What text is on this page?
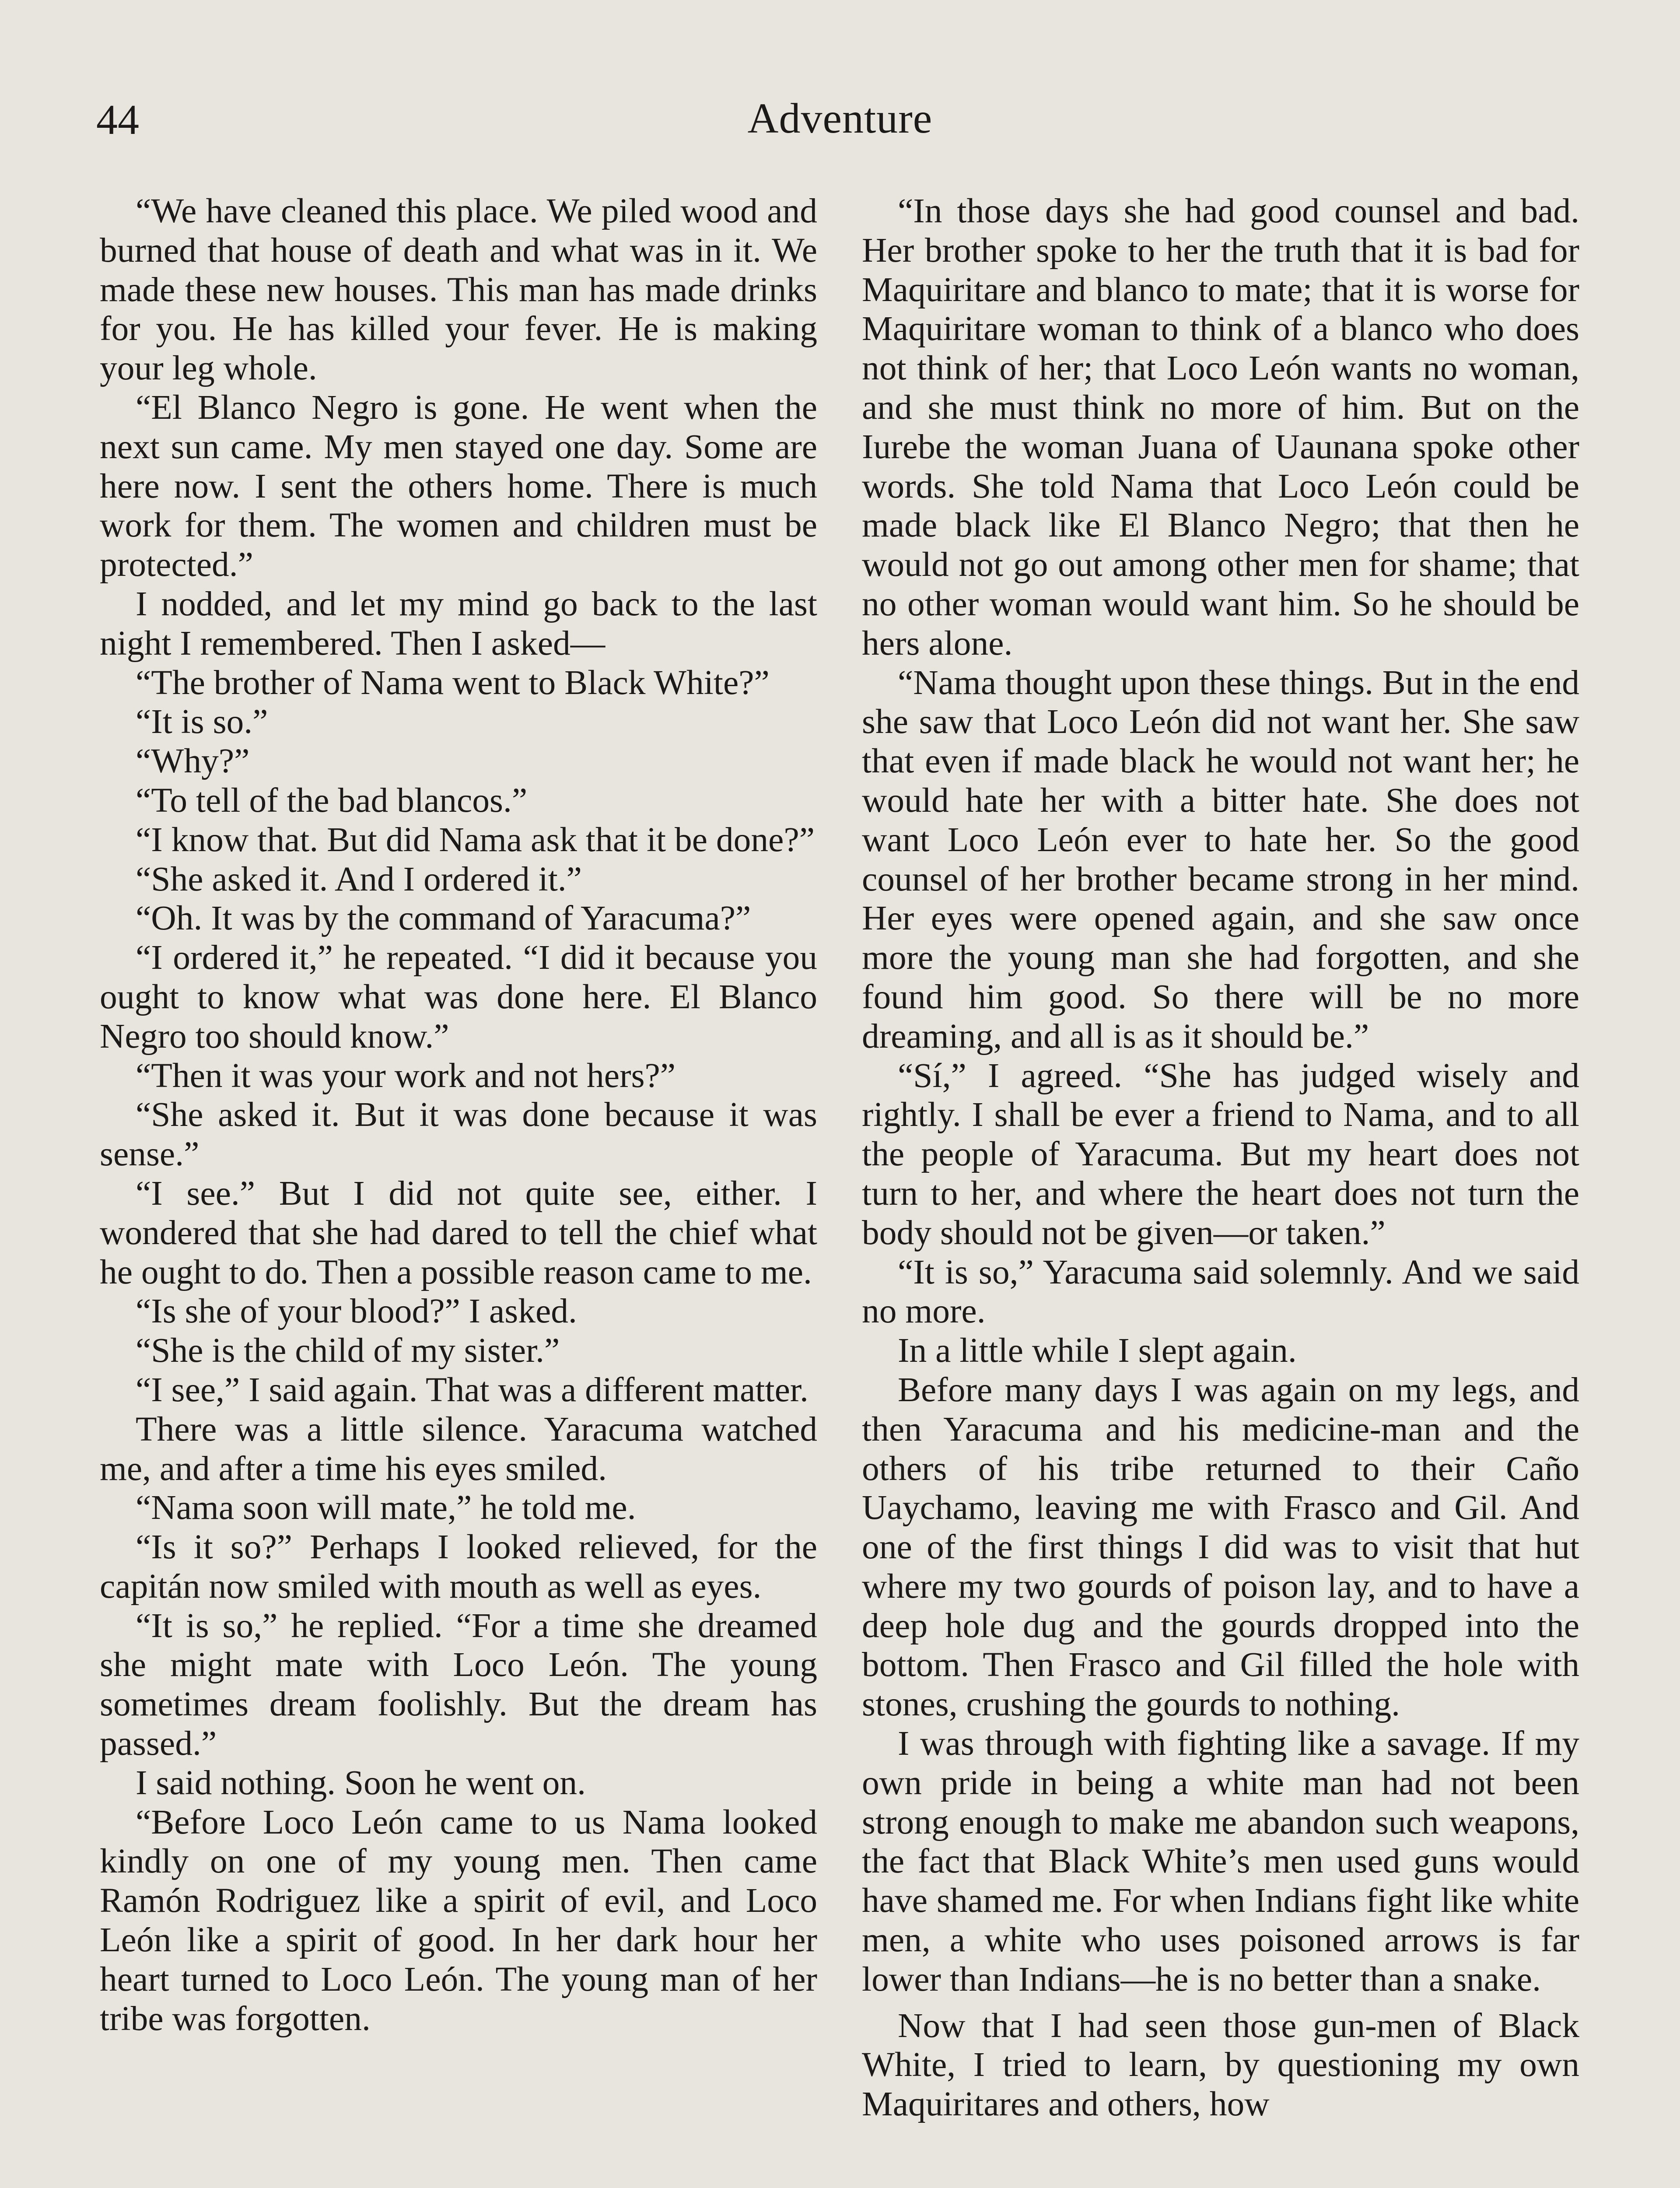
44	Adventure

“We have cleaned this place. We piled wood and burned that house of death and what was in it. We made these new houses. This man has made drinks for you. He has killed your fever. He is making your leg whole.

“El Blanco Negro is gone. He went when the next sun came. My men stayed one day. Some are here now. I sent the others home. There is much work for them. The women and children must be protected.”

I nodded, and let my mind go back to the last night I remembered. Then I asked—

“The brother of Nama went to Black White?”

“It is so.”

“Why?”

“To tell of the bad blancos.”

“I know that. But did Nama ask that it be done?”

“She asked it. And I ordered it.”

“Oh. It was by the command of Yaracuma?”

“I ordered it,” he repeated. “I did it because you ought to know what was done here. El Blanco Negro too should know.”

“Then it was your work and not hers?”

“She asked it. But it was done because it was sense.”

“I see.” But I did not quite see, either. I wondered that she had dared to tell the chief what he ought to do. Then a possible reason came to me.

“Is she of your blood?” I asked.

“She is the child of my sister.”

“I see,” I said again. That was a different matter.

There was a little silence. Yaracuma watched me, and after a time his eyes smiled.

“Nama soon will mate,” he told me.

“Is it so?” Perhaps I looked relieved, for the capitán now smiled with mouth as well as eyes.

“It is so,” he replied. “For a time she dreamed she might mate with Loco León. The young sometimes dream foolishly. But the dream has passed.”

I said nothing. Soon he went on.

“Before Loco León came to us Nama looked kindly on one of my young men. Then came Ramón Rodriguez like a spirit of evil, and Loco León like a spirit of good. In her dark hour her heart turned to Loco León. The young man of her tribe was forgotten.

“In those days she had good counsel and bad. Her brother spoke to her the truth that it is bad for Maquiritare and blanco to mate; that it is worse for Maquiritare woman to think of a blanco who does not think of her; that Loco León wants no woman, and she must think no more of him. But on the Iurebe the woman Juana of Uaunana spoke other words. She told Nama that Loco León could be made black like El Blanco Negro; that then he would not go out among other men for shame; that no other woman would want him. So he should be hers alone.

“Nama thought upon these things. But in the end she saw that Loco León did not want her. She saw that even if made black he would not want her; he would hate her with a bitter hate. She does not want Loco León ever to hate her. So the good counsel of her brother became strong in her mind. Her eyes were opened again, and she saw once more the young man she had forgotten, and she found him good. So there will be no more dreaming, and all is as it should be.”

“Sí,” I agreed. “She has judged wisely and rightly. I shall be ever a friend to Nama, and to all the people of Yaracuma. But my heart does not turn to her, and where the heart does not turn the body should not be given—or taken.”

“It is so,” Yaracuma said solemnly. And we said no more.

In a little while I slept again.

Before many days I was again on my legs, and then Yaracuma and his medicine-man and the others of his tribe returned to their Caño Uaychamo, leaving me with Frasco and Gil. And one of the first things I did was to visit that hut where my two gourds of poison lay, and to have a deep hole dug and the gourds dropped into the bottom. Then Frasco and Gil filled the hole with stones, crushing the gourds to nothing.

I was through with fighting like a savage. If my own pride in being a white man had not been strong enough to make me abandon such weapons, the fact that Black White’s men used guns would have shamed me. For when Indians fight like white men, a white who uses poisoned arrows is far lower than Indians—he is no better than a snake.

Now that I had seen those gun-men of Black White, I tried to learn, by questioning my own Maquiritares and others, how
